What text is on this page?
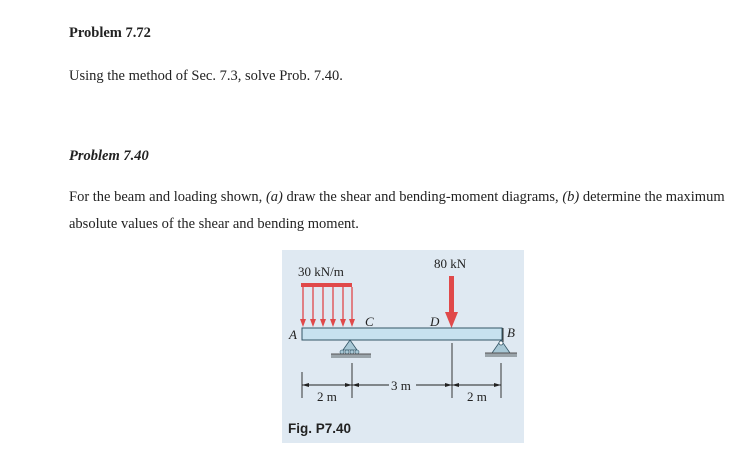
Problem 7.72
Using the method of Sec. 7.3, solve Prob. 7.40.
Problem 7.40
For the beam and loading shown, (a) draw the shear and bending-moment diagrams, (b) determine the maximum absolute values of the shear and bending moment.
30 kN/m
80 kN
A
C	D
B
2 m
3 m
2 m
Fig. P7.40
